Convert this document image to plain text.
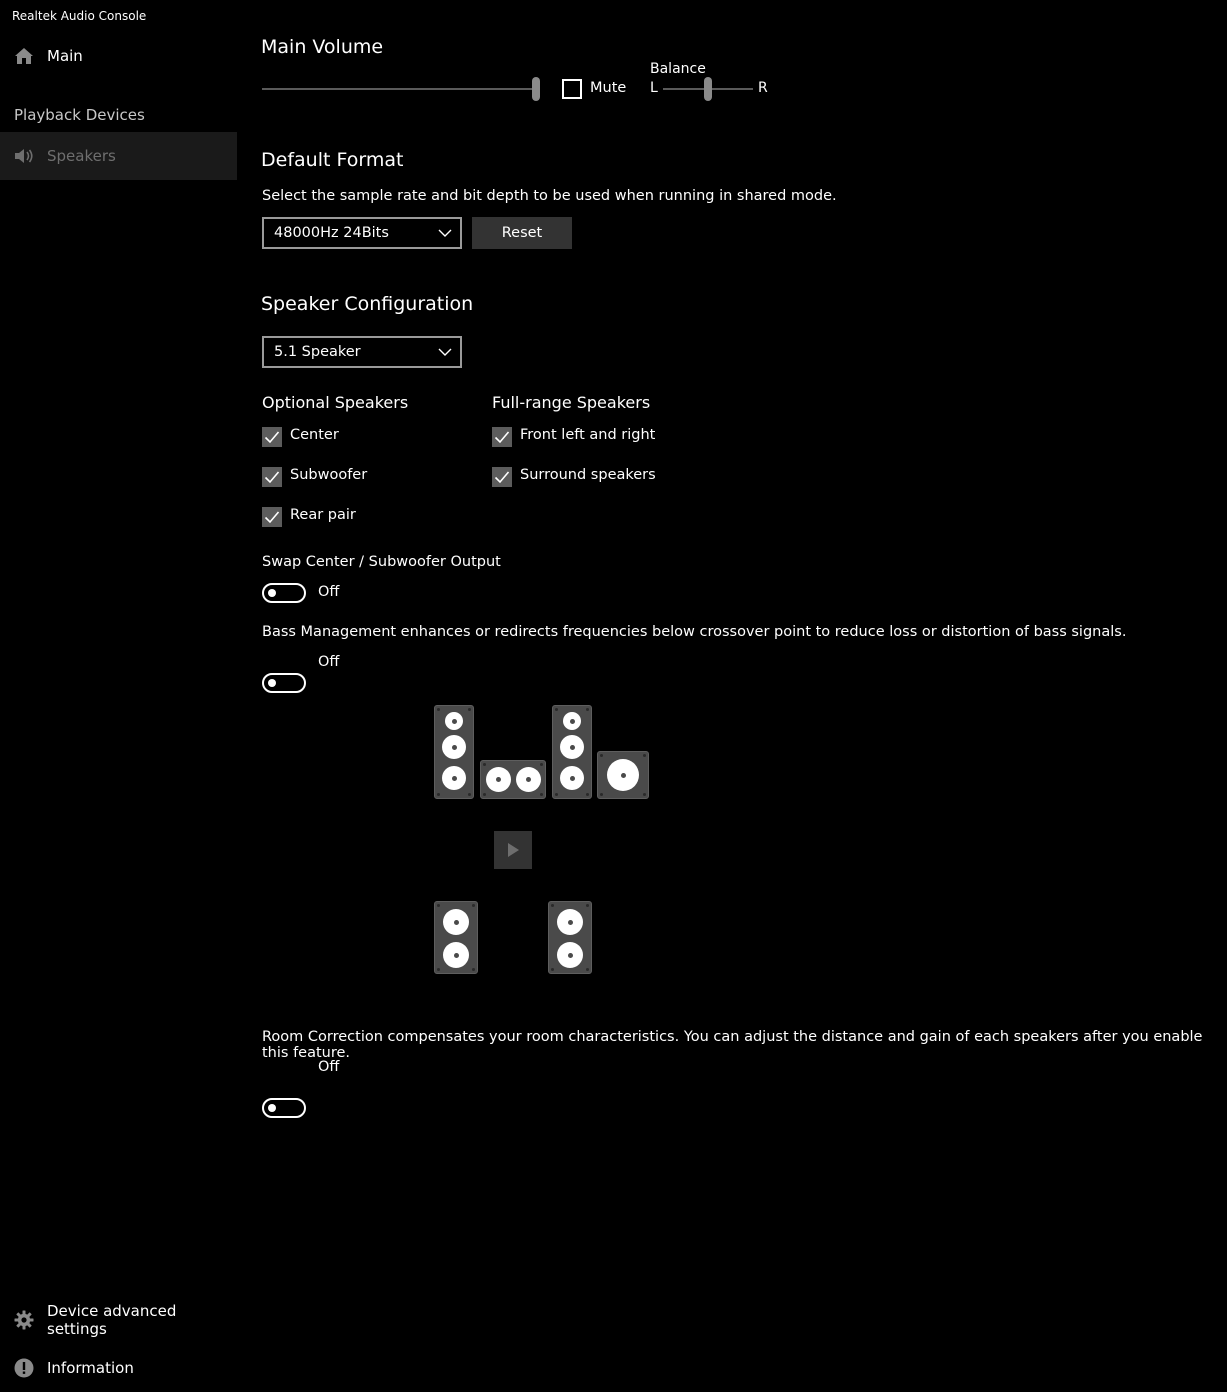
Realtek Audio Console
Main
Playback Devices
Speakers
Device advanced settings
Information
Main Volume
Mute
Balance
L	R
Default Format
Select the sample rate and bit depth to be used when running in shared mode.
48000Hz 24Bits	Reset
Speaker Configuration
5.1 Speaker
Optional Speakers	Full-range Speakers
Center
Subwoofer
Rear pair
Front left and right
Surround speakers
Swap Center / Subwoofer Output
Off
Bass Management enhances or redirects frequencies below crossover point to reduce loss or distortion of bass signals.
Off
Room Correction compensates your room characteristics. You can adjust the distance and gain of each speakers after you enable this feature.
Off
